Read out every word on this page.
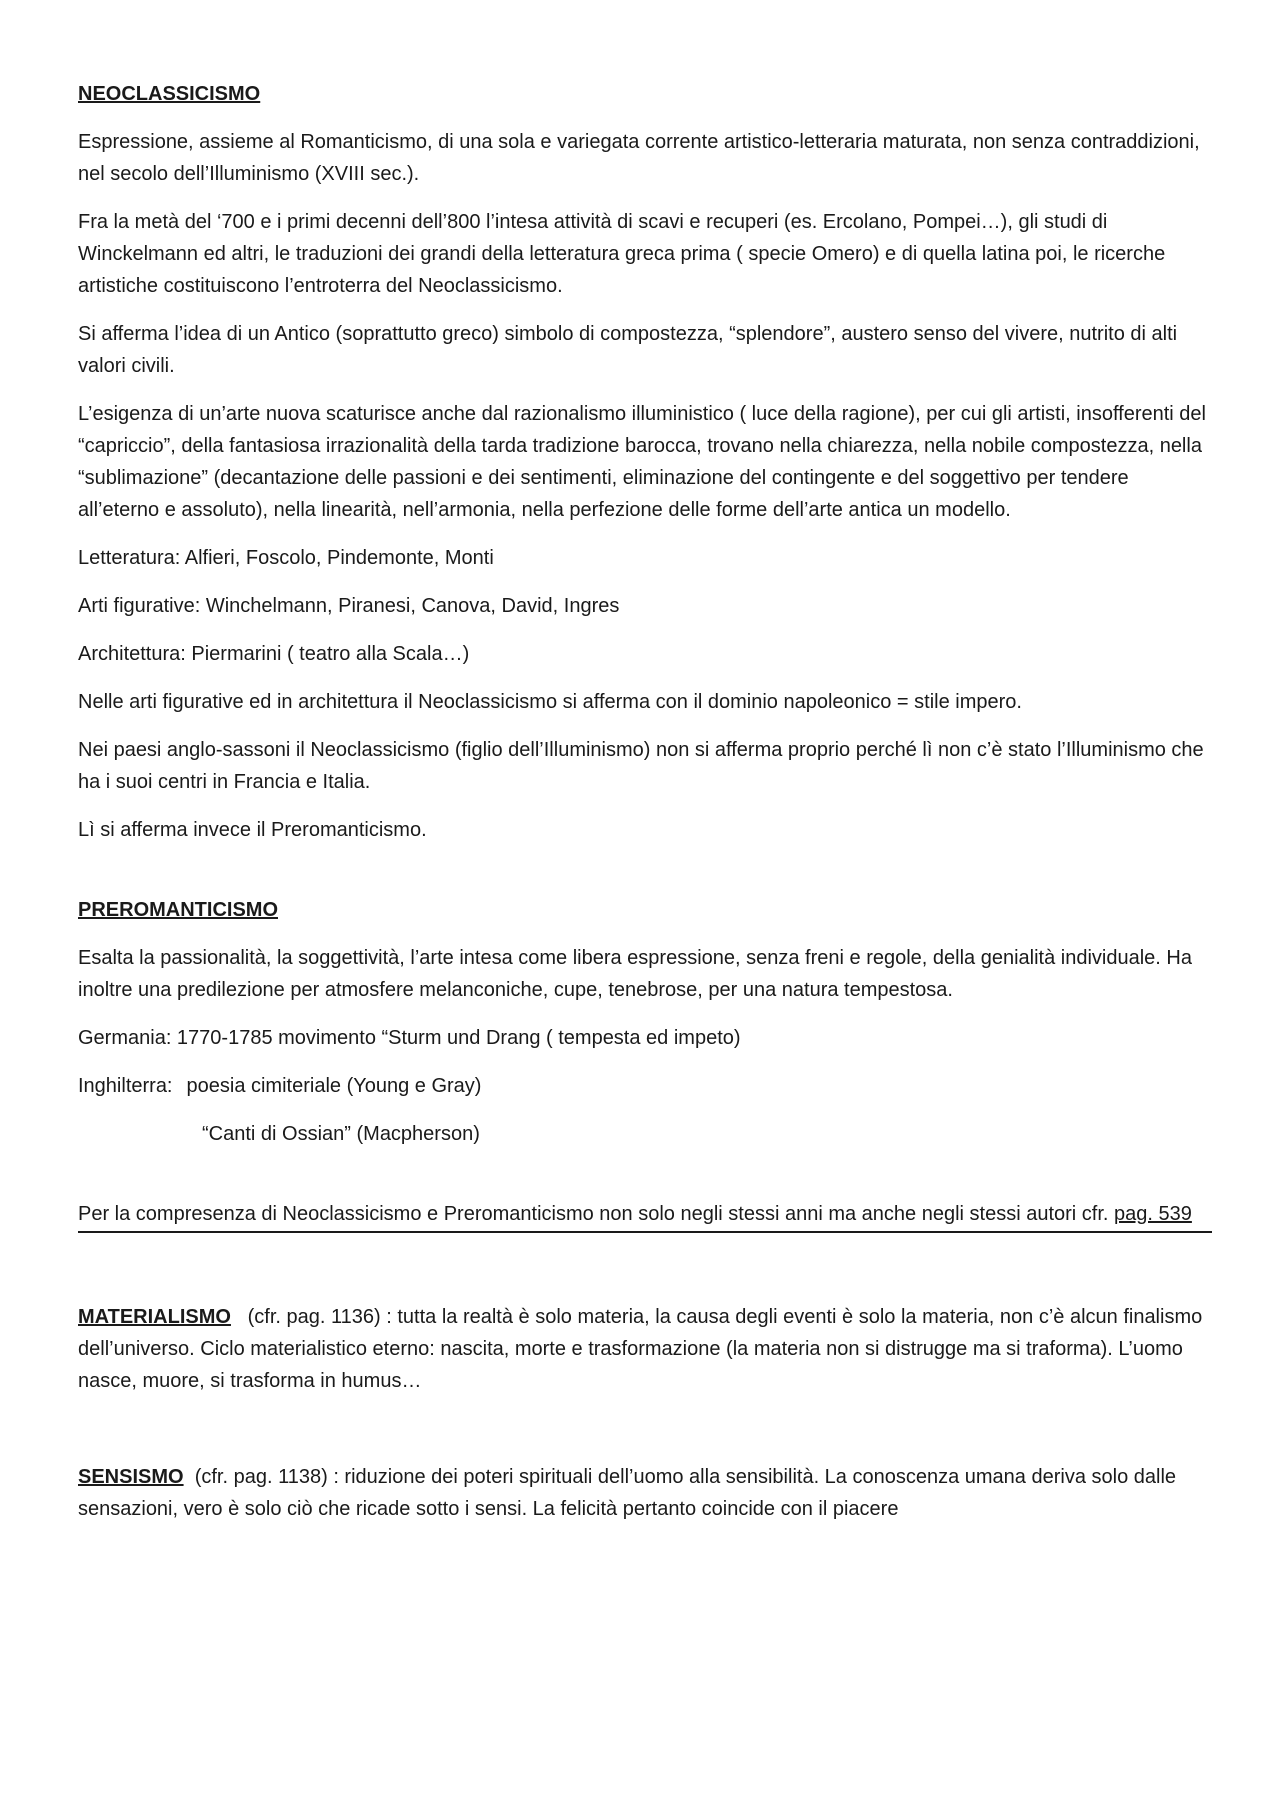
NEOCLASSICISMO

Espressione, assieme al Romanticismo, di una sola e variegata corrente artistico-letteraria maturata, non senza contraddizioni, nel secolo dell’Illuminismo (XVIII sec.).

Fra la metà del ‘700 e i primi decenni dell’800 l’intesa attività di scavi e recuperi (es. Ercolano, Pompei…), gli studi di Winckelmann ed altri, le traduzioni dei grandi della letteratura greca prima ( specie Omero) e di quella latina poi, le ricerche artistiche costituiscono l’entroterra del Neoclassicismo.

Si afferma l’idea di un Antico (soprattutto greco) simbolo di compostezza, “splendore”, austero senso del vivere, nutrito di alti valori civili.

L’esigenza di un’arte nuova scaturisce anche dal razionalismo illuministico ( luce della ragione), per cui gli artisti, insofferenti del “capriccio”, della fantasiosa irrazionalità della tarda tradizione barocca, trovano nella chiarezza, nella nobile compostezza, nella “sublimazione” (decantazione delle passioni e dei sentimenti, eliminazione del contingente e del soggettivo per tendere all’eterno e assoluto), nella linearità, nell’armonia, nella perfezione delle forme dell’arte antica un modello.

Letteratura: Alfieri, Foscolo, Pindemonte, Monti

Arti figurative: Winchelmann, Piranesi, Canova, David, Ingres

Architettura: Piermarini ( teatro alla Scala…)

Nelle arti figurative ed in architettura il Neoclassicismo si afferma con il dominio napoleonico = stile impero.

Nei paesi anglo-sassoni il Neoclassicismo (figlio dell’Illuminismo) non si afferma proprio perché lì non c’è stato l’Illuminismo che ha i suoi centri in Francia e Italia.

Lì si afferma invece il Preromanticismo.

PREROMANTICISMO

Esalta la passionalità, la soggettività, l’arte intesa come libera espressione, senza freni e regole, della genialità individuale. Ha inoltre una predilezione per atmosfere melanconiche, cupe, tenebrose, per una natura tempestosa.

Germania: 1770-1785 movimento “Sturm und Drang ( tempesta ed impeto)

Inghilterra: poesia cimiteriale (Young e Gray)

“Canti di Ossian” (Macpherson)

Per la compresenza di Neoclassicismo e Preromanticismo non solo negli stessi anni ma anche negli stessi autori cfr. pag. 539

MATERIALISMO (cfr. pag. 1136) : tutta la realtà è solo materia, la causa degli eventi è solo la materia, non c’è alcun finalismo dell’universo. Ciclo materialistico eterno: nascita, morte e trasformazione (la materia non si distrugge ma si traforma). L’uomo nasce, muore, si trasforma in humus…

SENSISMO (cfr. pag. 1138) : riduzione dei poteri spirituali dell’uomo alla sensibilità. La conoscenza umana deriva solo dalle sensazioni, vero è solo ciò che ricade sotto i sensi. La felicità pertanto coincide con il piacere
